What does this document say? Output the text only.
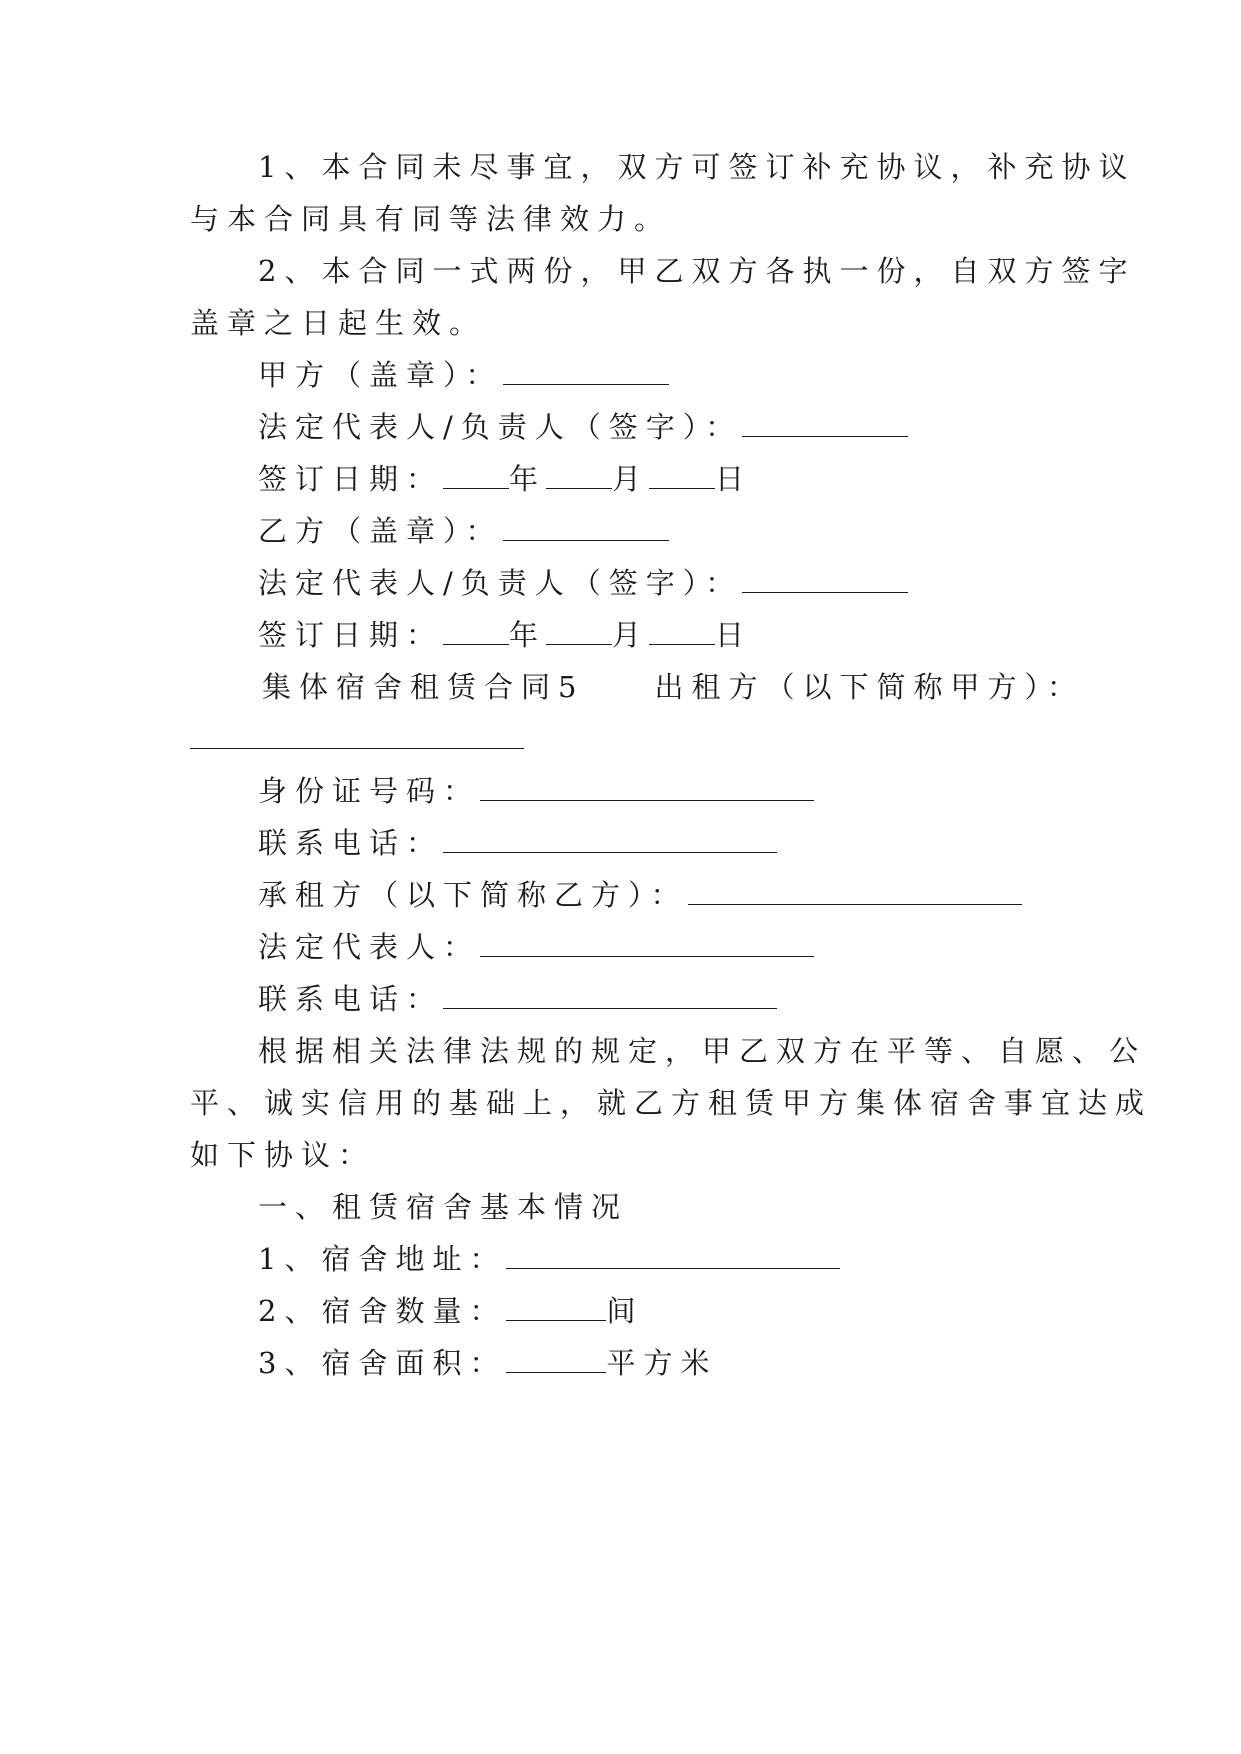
1、本合同未尽事宜，双方可签订补充协议，补充协议
与本合同具有同等法律效力。
2、本合同一式两份，甲乙双方各执一份，自双方签字
盖章之日起生效。
甲方（盖章）：
法定代表人/负责人（签字）：
签订日期： 年 月 日
乙方（盖章）：
法定代表人/负责人（签字）：
签订日期： 年 月 日
集体宿舍租赁合同5 出租方（以下简称甲方）：
身份证号码：
联系电话：
承租方（以下简称乙方）：
法定代表人：
联系电话：
根据相关法律法规的规定，甲乙双方在平等、自愿、公
平、诚实信用的基础上，就乙方租赁甲方集体宿舍事宜达成
如下协议：
一、租赁宿舍基本情况
1、宿舍地址：
2、宿舍数量：	间
3、宿舍面积：	平方米
